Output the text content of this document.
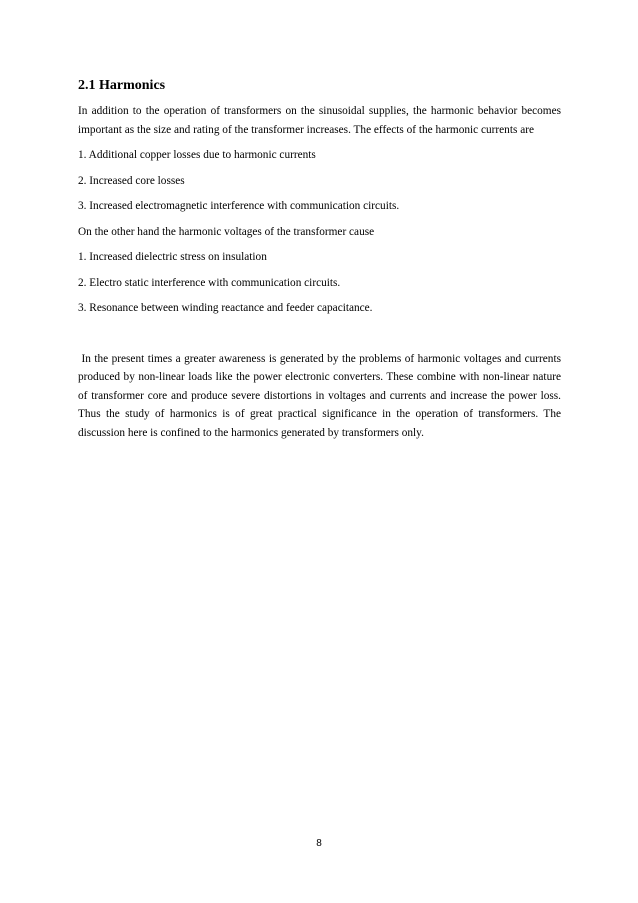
2.1 Harmonics

In addition to the operation of transformers on the sinusoidal supplies, the harmonic behavior becomes important as the size and rating of the transformer increases. The effects of the harmonic currents are

1. Additional copper losses due to harmonic currents

2. Increased core losses

3. Increased electromagnetic interference with communication circuits.

On the other hand the harmonic voltages of the transformer cause

1. Increased dielectric stress on insulation

2. Electro static interference with communication circuits.

3. Resonance between winding reactance and feeder capacitance.

In the present times a greater awareness is generated by the problems of harmonic voltages and currents produced by non-linear loads like the power electronic converters. These combine with non-linear nature of transformer core and produce severe distortions in voltages and currents and increase the power loss. Thus the study of harmonics is of great practical significance in the operation of transformers. The discussion here is confined to the harmonics generated by transformers only.

8
